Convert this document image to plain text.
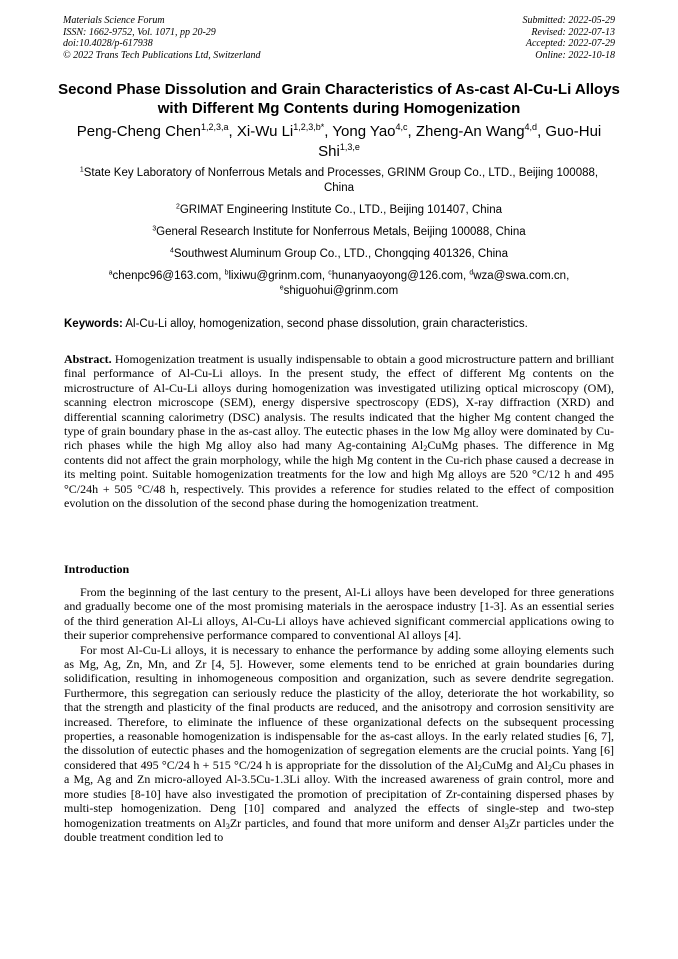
Materials Science Forum
ISSN: 1662-9752, Vol. 1071, pp 20-29
doi:10.4028/p-617938
© 2022 Trans Tech Publications Ltd, Switzerland
Submitted: 2022-05-29
Revised: 2022-07-13
Accepted: 2022-07-29
Online: 2022-10-18
Second Phase Dissolution and Grain Characteristics of As-cast Al-Cu-Li Alloys with Different Mg Contents during Homogenization
Peng-Cheng Chen$^{1,2,3,a}$, Xi-Wu $Li^{1,2,3,b*}$, Yong Yao$^{4,c}$, Zheng-An Wang$^{4,d}$, Guo-Hui Shi$^{1,3,e}$
$^1$State Key Laboratory of Nonferrous Metals and Processes, GRINM Group Co., LTD., Beijing 100088, China
$^2$GRIMAT Engineering Institute Co., LTD., Beijing 101407, China
$^3$General Research Institute for Nonferrous Metals, Beijing 100088, China
$^4$Southwest Aluminum Group Co., LTD., Chongqing 401326, China
$^a$chenpc96@163.com, $^b$lixiwu@grinm.com, $^c$hunanyaoyong@126.com, $^d$wza@swa.com.cn, $^e$shiguohui@grinm.com
Keywords: Al-Cu-Li alloy, homogenization, second phase dissolution, grain characteristics.

Abstract. Homogenization treatment is usually indispensable to obtain a good microstructure pattern and brilliant final performance of Al-Cu-Li alloys. In the present study, the effect of different Mg contents on the microstructure of Al-Cu-Li alloys during homogenization was investigated utilizing optical microscopy (OM), scanning electron microscope (SEM), energy dispersive spectroscopy (EDS), X-ray diffraction (XRD) and differential scanning calorimetry (DSC) analysis. The results indicated that the higher Mg content changed the type of grain boundary phase in the as-cast alloy. The eutectic phases in the low Mg alloy were dominated by Cu-rich phases while the high Mg alloy also had many Ag-containing $Al_2CuMg$ phases. The difference in Mg contents did not affect the grain morphology, while the high Mg content in the Cu-rich phase caused a decrease in its melting point. Suitable homogenization treatments for the low and high Mg alloys are 520 °C/12 h and 495 °C/24h + 505 °C/48 h, respectively. This provides a reference for studies related to the effect of composition evolution on the dissolution of the second phase during the homogenization treatment.

Introduction

From the beginning of the last century to the present, Al-Li alloys have been developed for three generations and gradually become one of the most promising materials in the aerospace industry [1-3]. As an essential series of the third generation Al-Li alloys, Al-Cu-Li alloys have achieved significant commercial applications owing to their superior comprehensive performance compared to conventional Al alloys [4].

For most Al-Cu-Li alloys, it is necessary to enhance the performance by adding some alloying elements such as Mg, Ag, Zn, Mn, and Zr [4, 5]. However, some elements tend to be enriched at grain boundaries during solidification, resulting in inhomogeneous composition and organization, such as severe dendrite segregation. Furthermore, this segregation can seriously reduce the plasticity of the alloy, deteriorate the hot workability, so that the strength and plasticity of the final products are reduced, and the anisotropy and corrosion sensitivity are increased. Therefore, to eliminate the influence of these organizational defects on the subsequent processing properties, a reasonable homogenization is indispensable for the as-cast alloys. In the early related studies [6, 7], the dissolution of eutectic phases and the homogenization of segregation elements are the crucial points. Yang [6] considered that 495 °C/24 h + 515 °C/24 h is appropriate for the dissolution of the $Al_2CuMg$ and $Al_2Cu$ phases in a Mg, Ag and Zn micro-alloyed Al-3.5Cu-1.3Li alloy. With the increased awareness of grain control, more and more studies [8-10] have also investigated the promotion of precipitation of Zr-containing dispersed phases by multi-step homogenization. Deng [10] compared and analyzed the effects of single-step and two-step homogenization treatments on $Al_3Zr$ particles, and found that more uniform and denser $Al_3Zr$ particles under the double treatment condition led to
